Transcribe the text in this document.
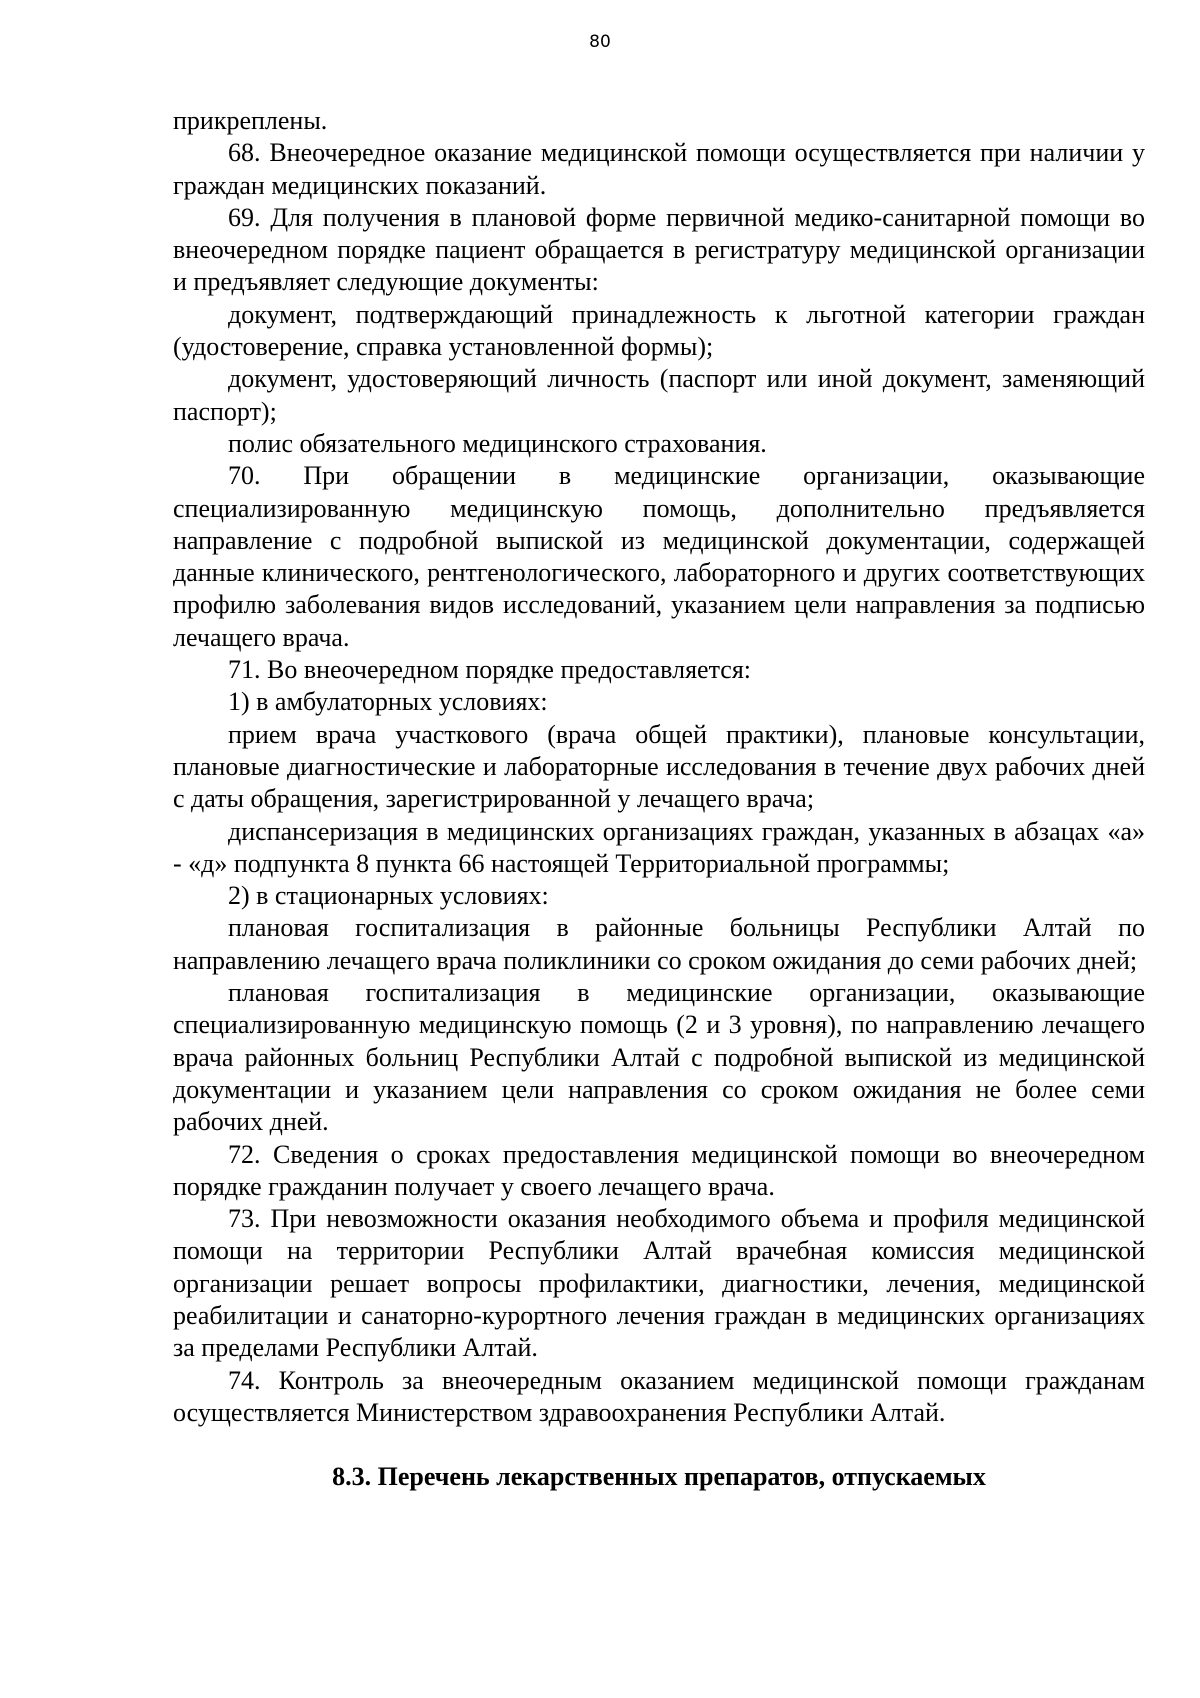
80

прикреплены.

68. Внеочередное оказание медицинской помощи осуществляется при наличии у граждан медицинских показаний.

69. Для получения в плановой форме первичной медико-санитарной помощи во внеочередном порядке пациент обращается в регистратуру медицинской организации и предъявляет следующие документы:

документ, подтверждающий принадлежность к льготной категории граждан (удостоверение, справка установленной формы);

документ, удостоверяющий личность (паспорт или иной документ, заменяющий паспорт);

полис обязательного медицинского страхования.

70. При обращении в медицинские организации, оказывающие специализированную медицинскую помощь, дополнительно предъявляется направление с подробной выпиской из медицинской документации, содержащей данные клинического, рентгенологического, лабораторного и других соответствующих профилю заболевания видов исследований, указанием цели направления за подписью лечащего врача.

71. Во внеочередном порядке предоставляется:

1) в амбулаторных условиях:

прием врача участкового (врача общей практики), плановые консультации, плановые диагностические и лабораторные исследования в течение двух рабочих дней с даты обращения, зарегистрированной у лечащего врача;

диспансеризация в медицинских организациях граждан, указанных в абзацах «а» - «д» подпункта 8 пункта 66 настоящей Территориальной программы;

2) в стационарных условиях:

плановая госпитализация в районные больницы Республики Алтай по направлению лечащего врача поликлиники со сроком ожидания до семи рабочих дней;

плановая госпитализация в медицинские организации, оказывающие специализированную медицинскую помощь (2 и 3 уровня), по направлению лечащего врача районных больниц Республики Алтай с подробной выпиской из медицинской документации и указанием цели направления со сроком ожидания не более семи рабочих дней.

72. Сведения о сроках предоставления медицинской помощи во внеочередном порядке гражданин получает у своего лечащего врача.

73. При невозможности оказания необходимого объема и профиля медицинской помощи на территории Республики Алтай врачебная комиссия медицинской организации решает вопросы профилактики, диагностики, лечения, медицинской реабилитации и санаторно-курортного лечения граждан в медицинских организациях за пределами Республики Алтай.

74. Контроль за внеочередным оказанием медицинской помощи гражданам осуществляется Министерством здравоохранения Республики Алтай.

8.3. Перечень лекарственных препаратов, отпускаемых
